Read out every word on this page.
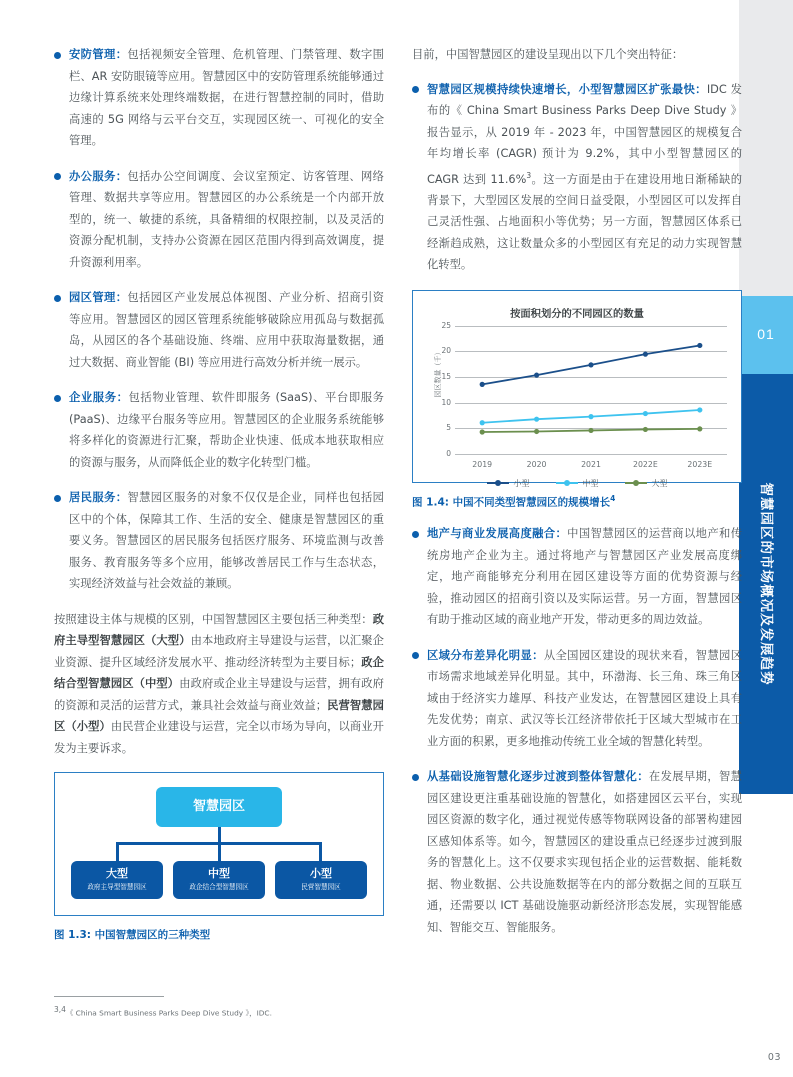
01
智慧园区的市场概况及发展趋势
安防管理：包括视频安全管理、危机管理、门禁管理、数字围栏、AR 安防眼镜等应用。智慧园区中的安防管理系统能够通过边缘计算系统来处理终端数据，在进行智慧控制的同时，借助高速的 5G 网络与云平台交互，实现园区统一、可视化的安全管理。
办公服务：包括办公空间调度、会议室预定、访客管理、网络管理、数据共享等应用。智慧园区的办公系统是一个内部开放型的，统一、敏捷的系统，具备精细的权限控制，以及灵活的资源分配机制，支持办公资源在园区范围内得到高效调度，提升资源利用率。
园区管理：包括园区产业发展总体视图、产业分析、招商引资等应用。智慧园区的园区管理系统能够破除应用孤岛与数据孤岛，从园区的各个基础设施、终端、应用中获取海量数据，通过大数据、商业智能 (BI) 等应用进行高效分析并统一展示。
企业服务：包括物业管理、软件即服务 (SaaS)、平台即服务 (PaaS)、边缘平台服务等应用。智慧园区的企业服务系统能够将多样化的资源进行汇聚，帮助企业快速、低成本地获取相应的资源与服务，从而降低企业的数字化转型门槛。
居民服务：智慧园区服务的对象不仅仅是企业，同样也包括园区中的个体，保障其工作、生活的安全、健康是智慧园区的重要义务。智慧园区的居民服务包括医疗服务、环境监测与改善服务、教育服务等多个应用，能够改善居民工作与生态状态，实现经济效益与社会效益的兼顾。
按照建设主体与规模的区别，中国智慧园区主要包括三种类型：政府主导型智慧园区（大型）由本地政府主导建设与运营，以汇聚企业资源、提升区域经济发展水平、推动经济转型为主要目标；政企结合型智慧园区（中型）由政府或企业主导建设与运营，拥有政府的资源和灵活的运营方式，兼具社会效益与商业效益；民营智慧园区（小型）由民营企业建设与运营，完全以市场为导向，以商业开发为主要诉求。
智慧园区
大型
政府主导型智慧园区
中型
政企结合型智慧园区
小型
民营智慧园区
图 1.3: 中国智慧园区的三种类型
目前，中国智慧园区的建设呈现出以下几个突出特征：
智慧园区规模持续快速增长，小型智慧园区扩张最快：IDC 发布的《 China Smart Business Parks Deep Dive Study 》报告显示，从 2019 年 - 2023 年，中国智慧园区的规模复合年均增长率 (CAGR) 预计为 9.2%，其中小型智慧园区的 CAGR 达到 11.6%$^3$。这一方面是由于在建设用地日渐稀缺的背景下，大型园区发展的空间日益受限，小型园区可以发挥自己灵活性强、占地面积小等优势；另一方面，智慧园区体系已经渐趋成熟，这让数量众多的小型园区有充足的动力实现智慧化转型。
按面积划分的不同园区的数量
园区数量（千）
0
5
10
15
20
25
2019	2020	2021	2022E	2023E
小型	中型	大型
图 1.4: 中国不同类型智慧园区的规模增长$^4$
地产与商业发展高度融合：中国智慧园区的运营商以地产和传统房地产企业为主。通过将地产与智慧园区产业发展高度绑定，地产商能够充分利用在园区建设等方面的优势资源与经验，推动园区的招商引资以及实际运营。另一方面，智慧园区有助于推动区域的商业地产开发，带动更多的周边效益。
区域分布差异化明显：从全国园区建设的现状来看，智慧园区市场需求地域差异化明显。其中，环渤海、长三角、珠三角区域由于经济实力雄厚、科技产业发达，在智慧园区建设上具有先发优势；南京、武汉等长江经济带依托于区域大型城市在工业方面的积累，更多地推动传统工业全域的智慧化转型。
从基础设施智慧化逐步过渡到整体智慧化：在发展早期，智慧园区建设更注重基础设施的智慧化，如搭建园区云平台，实现园区资源的数字化，通过视觉传感等物联网设备的部署构建园区感知体系等。如今，智慧园区的建设重点已经逐步过渡到服务的智慧化上。这不仅要求实现包括企业的运营数据、能耗数据、物业数据、公共设施数据等在内的部分数据之间的互联互通，还需要以 ICT 基础设施驱动新经济形态发展，实现智能感知、智能交互、智能服务。
$^{3,4}$《 China Smart Business Parks Deep Dive Study 》，IDC.
03
